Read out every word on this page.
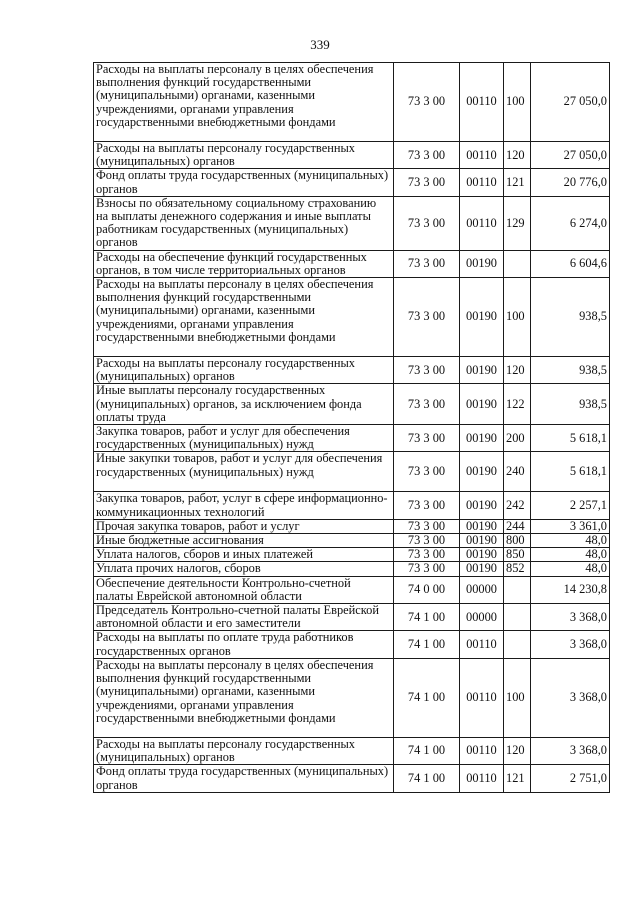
339
Расходы на выплаты персоналу в целях обеспечения выполнения функций государственными (муниципальными) органами, казенными учреждениями, органами управления государственными внебюджетными фондами	73 3 00	00110	100	27 050,0
Расходы на выплаты персоналу государственных (муниципальных) органов	73 3 00	00110	120	27 050,0
Фонд оплаты труда государственных (муниципальных) органов	73 3 00	00110	121	20 776,0
Взносы по обязательному социальному страхованию на выплаты денежного содержания и иные выплаты работникам государственных (муниципальных) органов	73 3 00	00110	129	6 274,0
Расходы на обеспечение функций государственных органов, в том числе территориальных органов	73 3 00	00190		6 604,6
Расходы на выплаты персоналу в целях обеспечения выполнения функций государственными (муниципальными) органами, казенными учреждениями, органами управления государственными внебюджетными фондами	73 3 00	00190	100	938,5
Расходы на выплаты персоналу государственных (муниципальных) органов	73 3 00	00190	120	938,5
Иные выплаты персоналу государственных (муниципальных) органов, за исключением фонда оплаты труда	73 3 00	00190	122	938,5
Закупка товаров, работ и услуг для обеспечения государственных (муниципальных) нужд	73 3 00	00190	200	5 618,1
Иные закупки товаров, работ и услуг для обеспечения государственных (муниципальных) нужд	73 3 00	00190	240	5 618,1
Закупка товаров, работ, услуг в сфере информационно-коммуникационных технологий	73 3 00	00190	242	2 257,1
Прочая закупка товаров, работ и услуг	73 3 00	00190	244	3 361,0
Иные бюджетные ассигнования	73 3 00	00190	800	48,0
Уплата налогов, сборов и иных платежей	73 3 00	00190	850	48,0
Уплата прочих налогов, сборов	73 3 00	00190	852	48,0
Обеспечение деятельности Контрольно-счетной палаты Еврейской автономной области	74 0 00	00000		14 230,8
Председатель Контрольно-счетной палаты Еврейской автономной области и его заместители	74 1 00	00000		3 368,0
Расходы на выплаты по оплате труда работников государственных органов	74 1 00	00110		3 368,0
Расходы на выплаты персоналу в целях обеспечения выполнения функций государственными (муниципальными) органами, казенными учреждениями, органами управления государственными внебюджетными фондами	74 1 00	00110	100	3 368,0
Расходы на выплаты персоналу государственных (муниципальных) органов	74 1 00	00110	120	3 368,0
Фонд оплаты труда государственных (муниципальных) органов	74 1 00	00110	121	2 751,0
